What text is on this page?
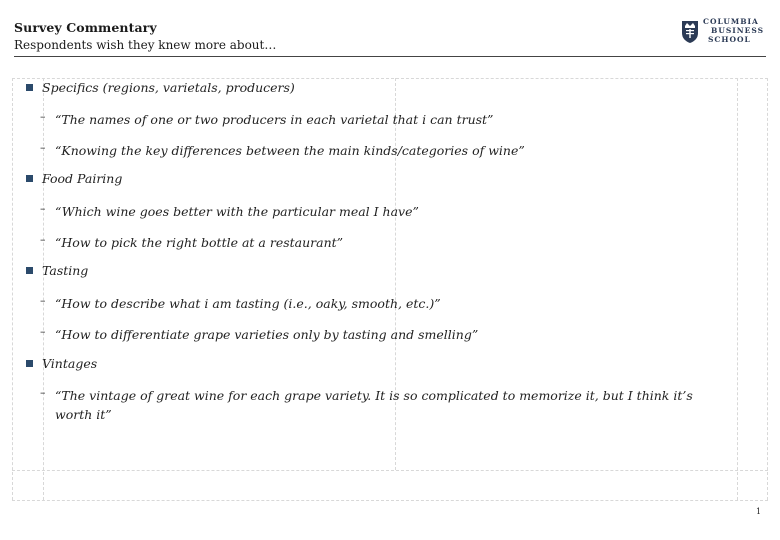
Survey Commentary
Respondents wish they knew more about…
COLUMBIA
BUSINESS
SCHOOL
Specifics (regions, varietals, producers)
– “The names of one or two producers in each varietal that i can trust”
– “Knowing the key differences between the main kinds/categories of wine”
Food Pairing
– “Which wine goes better with the particular meal I have”
– “How to pick the right bottle at a restaurant”
Tasting
– “How to describe what i am tasting (i.e., oaky, smooth, etc.)”
– “How to differentiate grape varieties only by tasting and smelling”
Vintages
– “The vintage of great wine for each grape variety. It is so complicated to memorize it, but I think it’s worth it”
1
